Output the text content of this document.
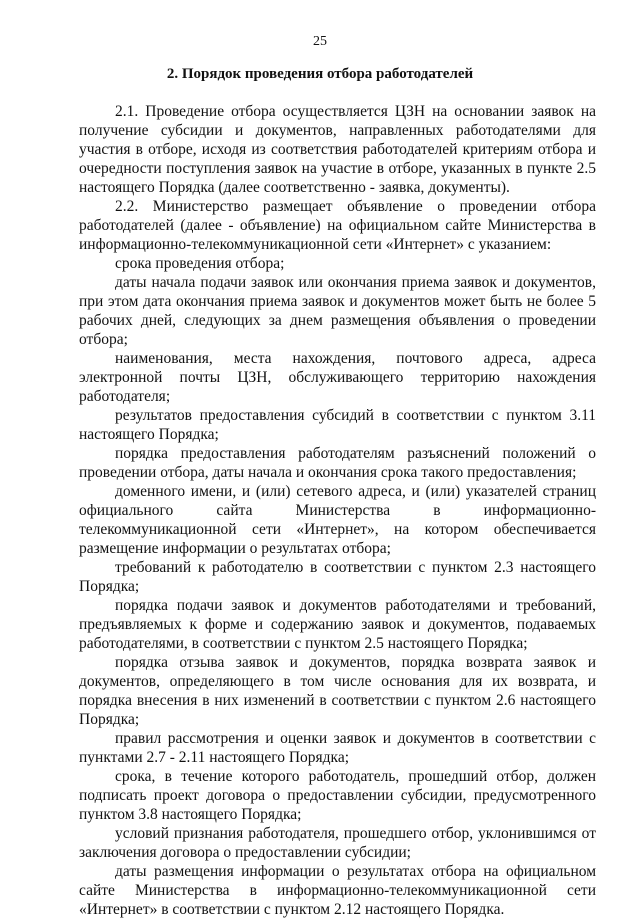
25
2. Порядок проведения отбора работодателей

2.1. Проведение отбора осуществляется ЦЗН на основании заявок на получение субсидии и документов, направленных работодателями для участия в отборе, исходя из соответствия работодателей критериям отбора и очередности поступления заявок на участие в отборе, указанных в пункте 2.5 настоящего Порядка (далее соответственно - заявка, документы).

2.2. Министерство размещает объявление о проведении отбора работодателей (далее - объявление) на официальном сайте Министерства в информационно-телекоммуникационной сети «Интернет» с указанием:

срока проведения отбора;

даты начала подачи заявок или окончания приема заявок и документов, при этом дата окончания приема заявок и документов может быть не более 5 рабочих дней, следующих за днем размещения объявления о проведении отбора;

наименования, места нахождения, почтового адреса, адреса электронной почты ЦЗН, обслуживающего территорию нахождения работодателя;

результатов предоставления субсидий в соответствии с пунктом 3.11 настоящего Порядка;

порядка предоставления работодателям разъяснений положений о проведении отбора, даты начала и окончания срока такого предоставления;

доменного имени, и (или) сетевого адреса, и (или) указателей страниц официального сайта Министерства в информационно-телекоммуникационной сети «Интернет», на котором обеспечивается размещение информации о результатах отбора;

требований к работодателю в соответствии с пунктом 2.3 настоящего Порядка;

порядка подачи заявок и документов работодателями и требований, предъявляемых к форме и содержанию заявок и документов, подаваемых работодателями, в соответствии с пунктом 2.5 настоящего Порядка;

порядка отзыва заявок и документов, порядка возврата заявок и документов, определяющего в том числе основания для их возврата, и порядка внесения в них изменений в соответствии с пунктом 2.6 настоящего Порядка;

правил рассмотрения и оценки заявок и документов в соответствии с пунктами 2.7 - 2.11 настоящего Порядка;

срока, в течение которого работодатель, прошедший отбор, должен подписать проект договора о предоставлении субсидии, предусмотренного пунктом 3.8 настоящего Порядка;

условий признания работодателя, прошедшего отбор, уклонившимся от заключения договора о предоставлении субсидии;

даты размещения информации о результатах отбора на официальном сайте Министерства в информационно-телекоммуникационной сети «Интернет» в соответствии с пунктом 2.12 настоящего Порядка.
